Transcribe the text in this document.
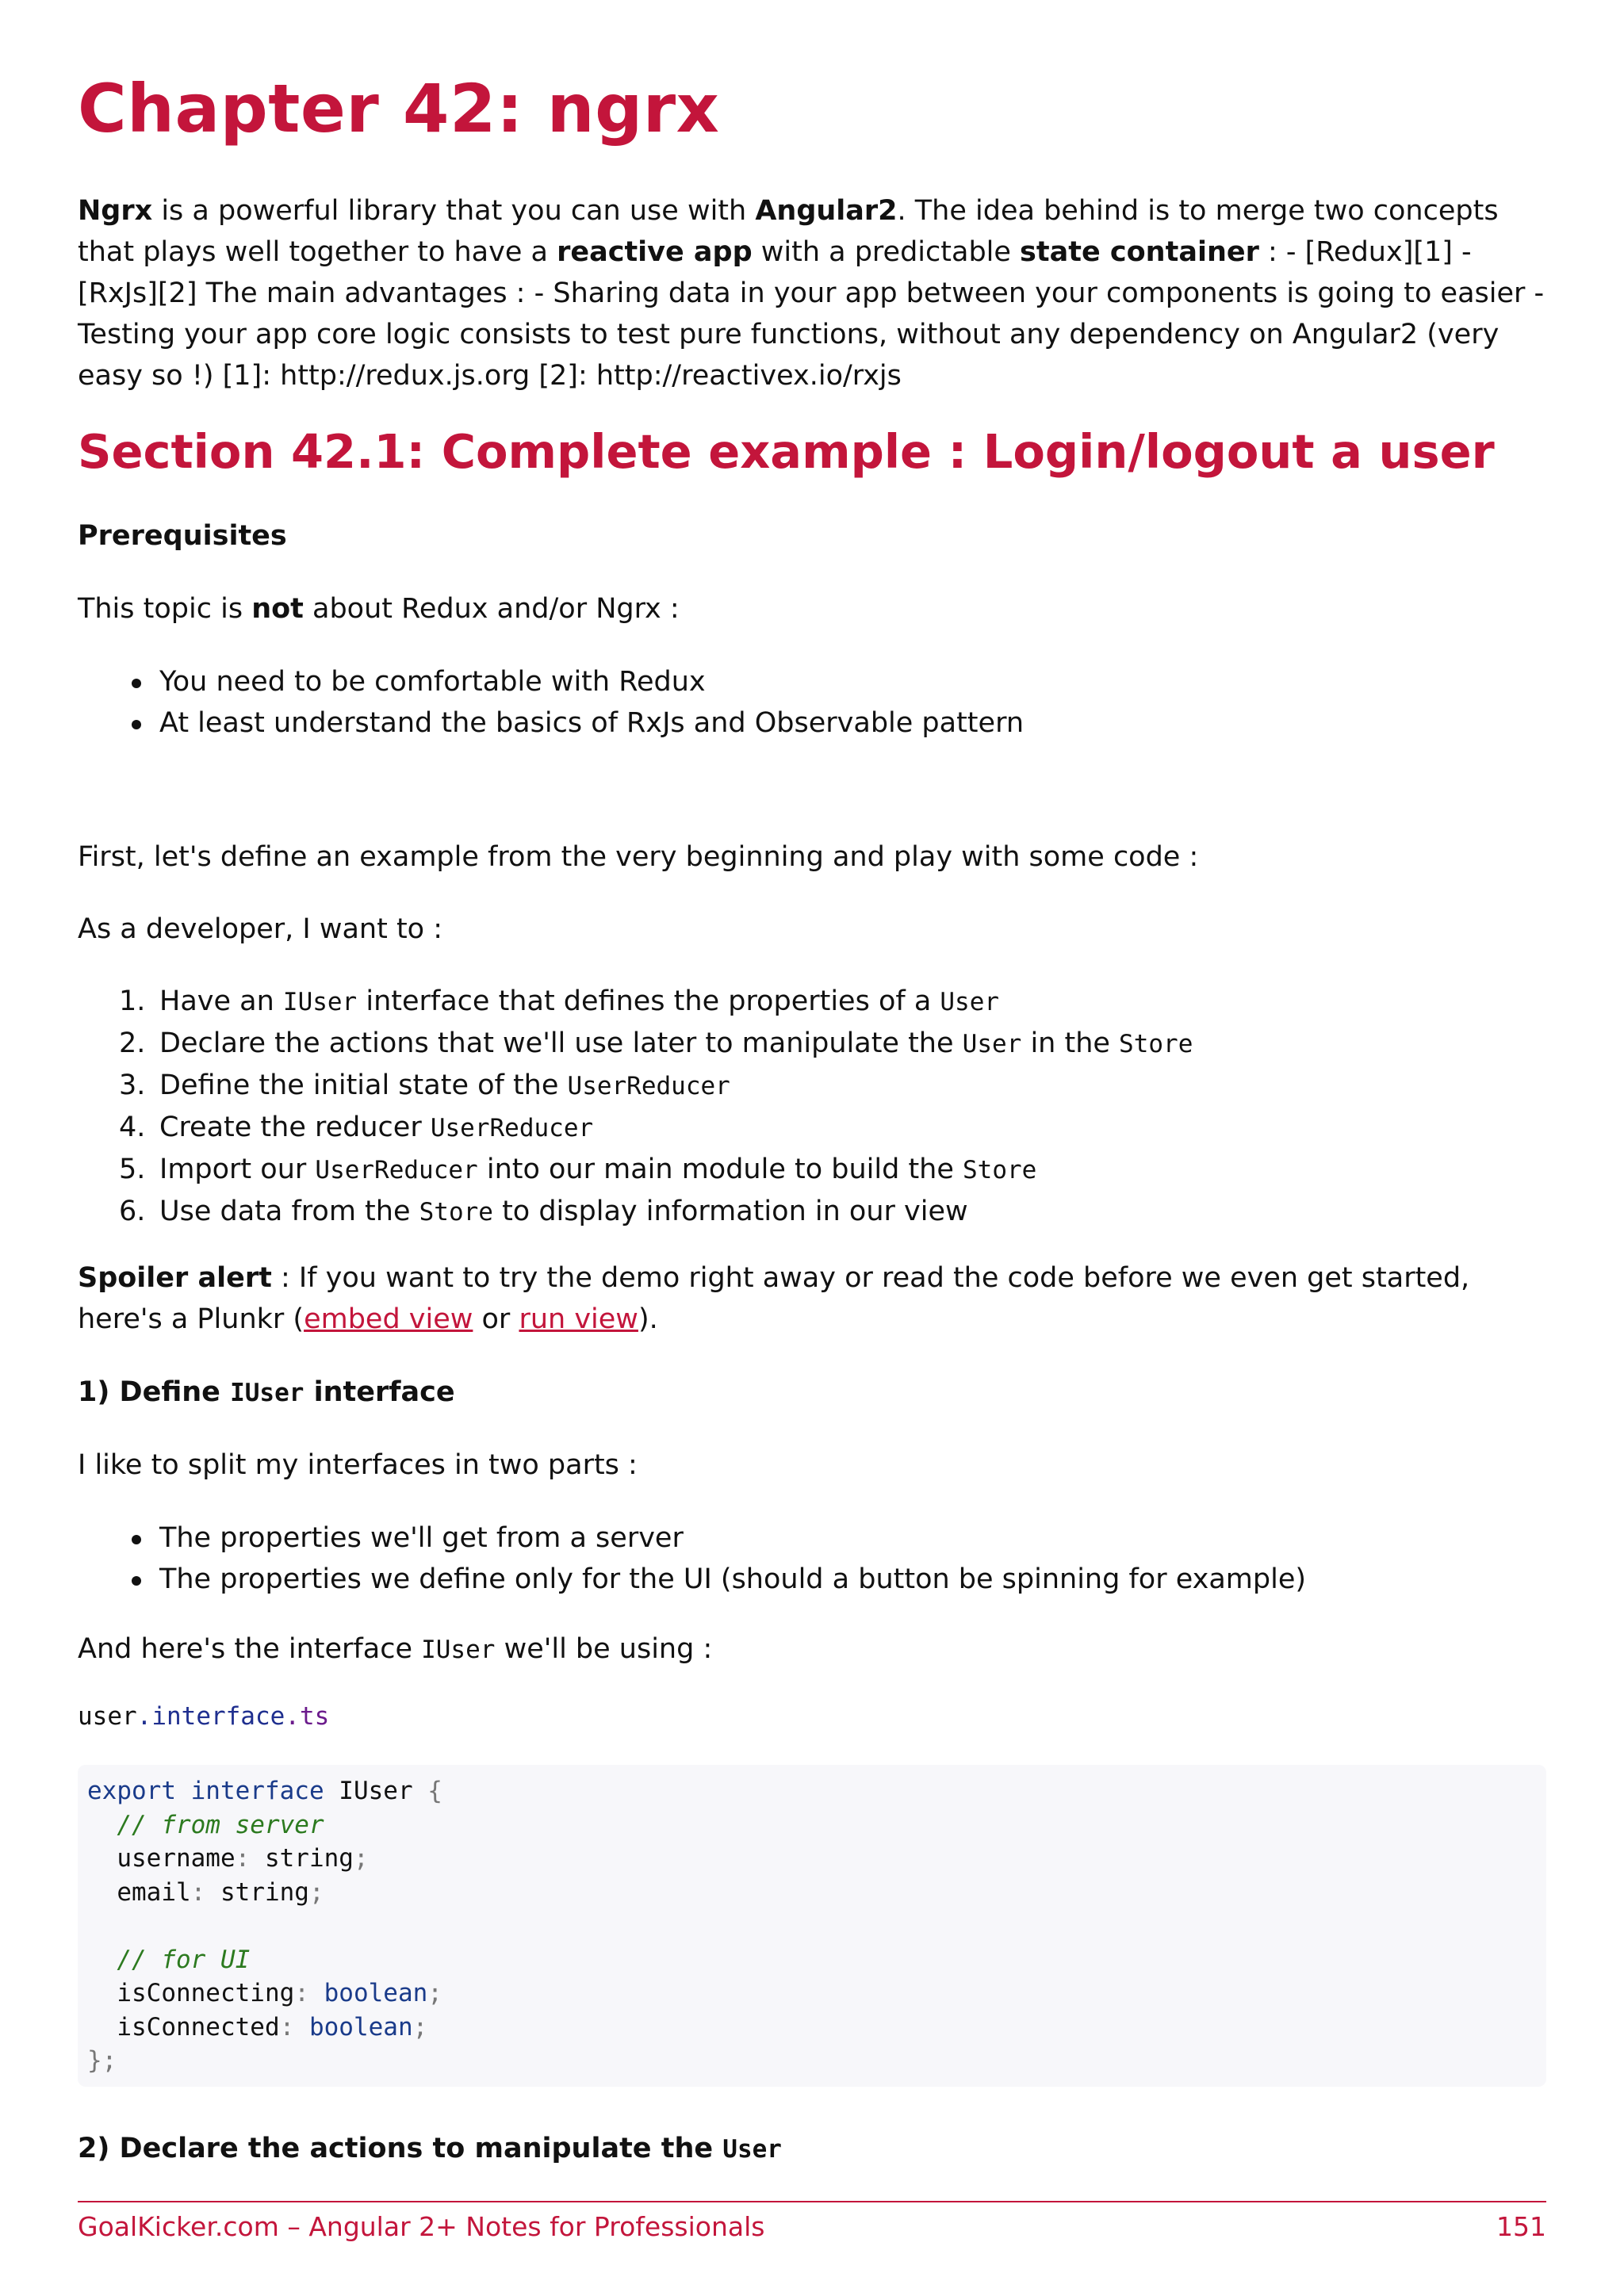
Chapter 42: ngrx

Ngrx is a powerful library that you can use with Angular2. The idea behind is to merge two concepts that plays well together to have a reactive app with a predictable state container : - [Redux][1] - [RxJs][2] The main advantages : - Sharing data in your app between your components is going to easier - Testing your app core logic consists to test pure functions, without any dependency on Angular2 (very easy so !) [1]: http://redux.js.org [2]: http://reactivex.io/rxjs

Section 42.1: Complete example : Login/logout a user

Prerequisites

This topic is not about Redux and/or Ngrx :

You need to be comfortable with Redux
At least understand the basics of RxJs and Observable pattern

First, let's define an example from the very beginning and play with some code :

As a developer, I want to :

1. Have an IUser interface that defines the properties of a User
2. Declare the actions that we'll use later to manipulate the User in the Store
3. Define the initial state of the UserReducer
4. Create the reducer UserReducer
5. Import our UserReducer into our main module to build the Store
6. Use data from the Store to display information in our view

Spoiler alert : If you want to try the demo right away or read the code before we even get started, here's a Plunkr (embed view or run view).

1) Define IUser interface

I like to split my interfaces in two parts :

The properties we'll get from a server
The properties we define only for the UI (should a button be spinning for example)

And here's the interface IUser we'll be using :

user.interface.ts
export interface IUser {
// from server
username: string;
email: string;

// for UI
isConnecting: boolean;
isConnected: boolean;
};

2) Declare the actions to manipulate the User

GoalKicker.com – Angular 2+ Notes for Professionals	151
